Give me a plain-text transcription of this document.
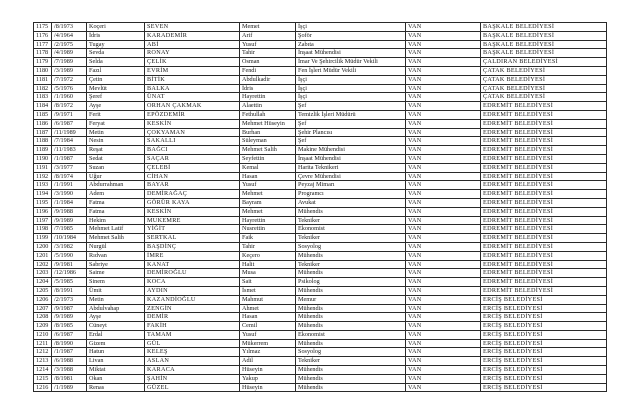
1175	/8/1973	Koçeri	SEVEN	Memet	İşçi	VAN	BAŞKALE BELEDİYESİ
1176	/4/1964	İdris	KARADEMİR	Arif	Şoför	VAN	BAŞKALE BELEDİYESİ
1177	/2/1975	Tugay	ABİ	Yusuf	Zabıta	VAN	BAŞKALE BELEDİYESİ
1178	/4/1989	Sevda	RONAY	Tahir	İnşaat Mühendisi	VAN	BAŞKALE BELEDİYESİ
1179	/7/1989	Selda	ÇELİK	Osman	İmar Ve Şehircilik Müdür Vekili	VAN	ÇALDIRAN BELEDİYESİ
1180	/3/1989	Fazıl	EVRİM	Fendi	Fen İşleri Müdür Vekili	VAN	ÇATAK BELEDİYESİ
1181	/7/1972	Çetin	BİTİK	Abdulkadir	İşçi	VAN	ÇATAK BELEDİYESİ
1182	/5/1976	Mevlüt	BALKA	İdris	İşçi	VAN	ÇATAK BELEDİYESİ
1183	/1/1960	Şeref	ÜNAT	Hayrettin	İşçi	VAN	ÇATAK BELEDİYESİ
1184	/8/1972	Ayşe	ORHAN ÇAKMAK	Alaettin	Şef	VAN	EDREMİT BELEDİYESİ
1185	/9/1971	Ferit	EPÖZDEMİR	Fethullah	Temizlik İşleri Müdürü	VAN	EDREMİT BELEDİYESİ
1186	/6/1987	Feryat	KESKİN	Mehmet Hüseyin	Şef	VAN	EDREMİT BELEDİYESİ
1187	/11/1989	Metin	ÇOKYAMAN	Burhan	Şehir Plancısı	VAN	EDREMİT BELEDİYESİ
1188	/7/1984	Nesin	SAKALLI	Süleyman	Şef	VAN	EDREMİT BELEDİYESİ
1189	/11/1983	Reşat	BAĞCI	Mehmet Salih	Makine Mühendisi	VAN	EDREMİT BELEDİYESİ
1190	/1/1987	Sedat	SAÇAR	Seyfettin	İnşaat Mühendisi	VAN	EDREMİT BELEDİYESİ
1191	/3/1977	Suzan	ÇELEBİ	Kemal	Harita Teknikeri	VAN	EDREMİT BELEDİYESİ
1192	/8/1974	Uğur	CİHAN	Hasan	Çevre Mühendisi	VAN	EDREMİT BELEDİYESİ
1193	/1/1991	Abdurrahman	BAYAR	Yusuf	Peyzaj Mimarı	VAN	EDREMİT BELEDİYESİ
1194	/3/1990	Adem	DEMİRAĞAÇ	Mehmet	Programcı	VAN	EDREMİT BELEDİYESİ
1195	/1/1984	Fatma	GÖRÜR KAYA	Bayram	Avukat	VAN	EDREMİT BELEDİYESİ
1196	/9/1988	Fatma	KESKİN	Mehmet	Mühendis	VAN	EDREMİT BELEDİYESİ
1197	/9/1989	Hekim	MUKEMRE	Hayrettin	Tekniker	VAN	EDREMİT BELEDİYESİ
1198	/7/1985	Mehmet Latif	YİĞİT	Nusrettin	Ekonomist	VAN	EDREMİT BELEDİYESİ
1199	/10/1984	Mehmet Salih	SERTKAL	Faik	Tekniker	VAN	EDREMİT BELEDİYESİ
1200	/3/1982	Nurgül	BAŞDİNÇ	Tahir	Sosyolog	VAN	EDREMİT BELEDİYESİ
1201	/5/1990	Rıdvan	İMRE	Keçero	Mühendis	VAN	EDREMİT BELEDİYESİ
1202	/9/1981	Sabriye	KANAT	Halit	Tekniker	VAN	EDREMİT BELEDİYESİ
1203	/12/1986	Saime	DEMİROĞLU	Musa	Mühendis	VAN	EDREMİT BELEDİYESİ
1204	/5/1985	Sinem	KOCA	Sait	Psikolog	VAN	EDREMİT BELEDİYESİ
1205	/8/1991	Ümit	AYDIN	İsmet	Mühendis	VAN	EDREMİT BELEDİYESİ
1206	/2/1973	Metin	KAZANDİOĞLU	Mahmut	Memur	VAN	ERCİŞ BELEDİYESİ
1207	/9/1987	Abdulvahap	ZENGİN	Ahmet	Mühendis	VAN	ERCİŞ BELEDİYESİ
1208	/9/1989	Ayşe	DEMİR	Hasan	Mühendis	VAN	ERCİŞ BELEDİYESİ
1209	/8/1985	Cüneyt	FAKİH	Cemil	Mühendis	VAN	ERCİŞ BELEDİYESİ
1210	/6/1987	Erdal	TAMAM	Yusuf	Ekonomist	VAN	ERCİŞ BELEDİYESİ
1211	/8/1990	Gizem	GÜL	Mükerrem	Mühendis	VAN	ERCİŞ BELEDİYESİ
1212	/1/1987	Hatun	KELEŞ	Yılmaz	Sosyolog	VAN	ERCİŞ BELEDİYESİ
1213	/6/1988	Livan	ASLAN	Adil	Tekniker	VAN	ERCİŞ BELEDİYESİ
1214	/3/1988	Miktat	KARACA	Hüseyin	Mühendis	VAN	ERCİŞ BELEDİYESİ
1215	/8/1981	Okan	ŞAHİN	Yakup	Mühendis	VAN	ERCİŞ BELEDİYESİ
1216	/1/1989	Renas	GÜZEL	Hüseyin	Mühendis	VAN	ERCİŞ BELEDİYESİ
